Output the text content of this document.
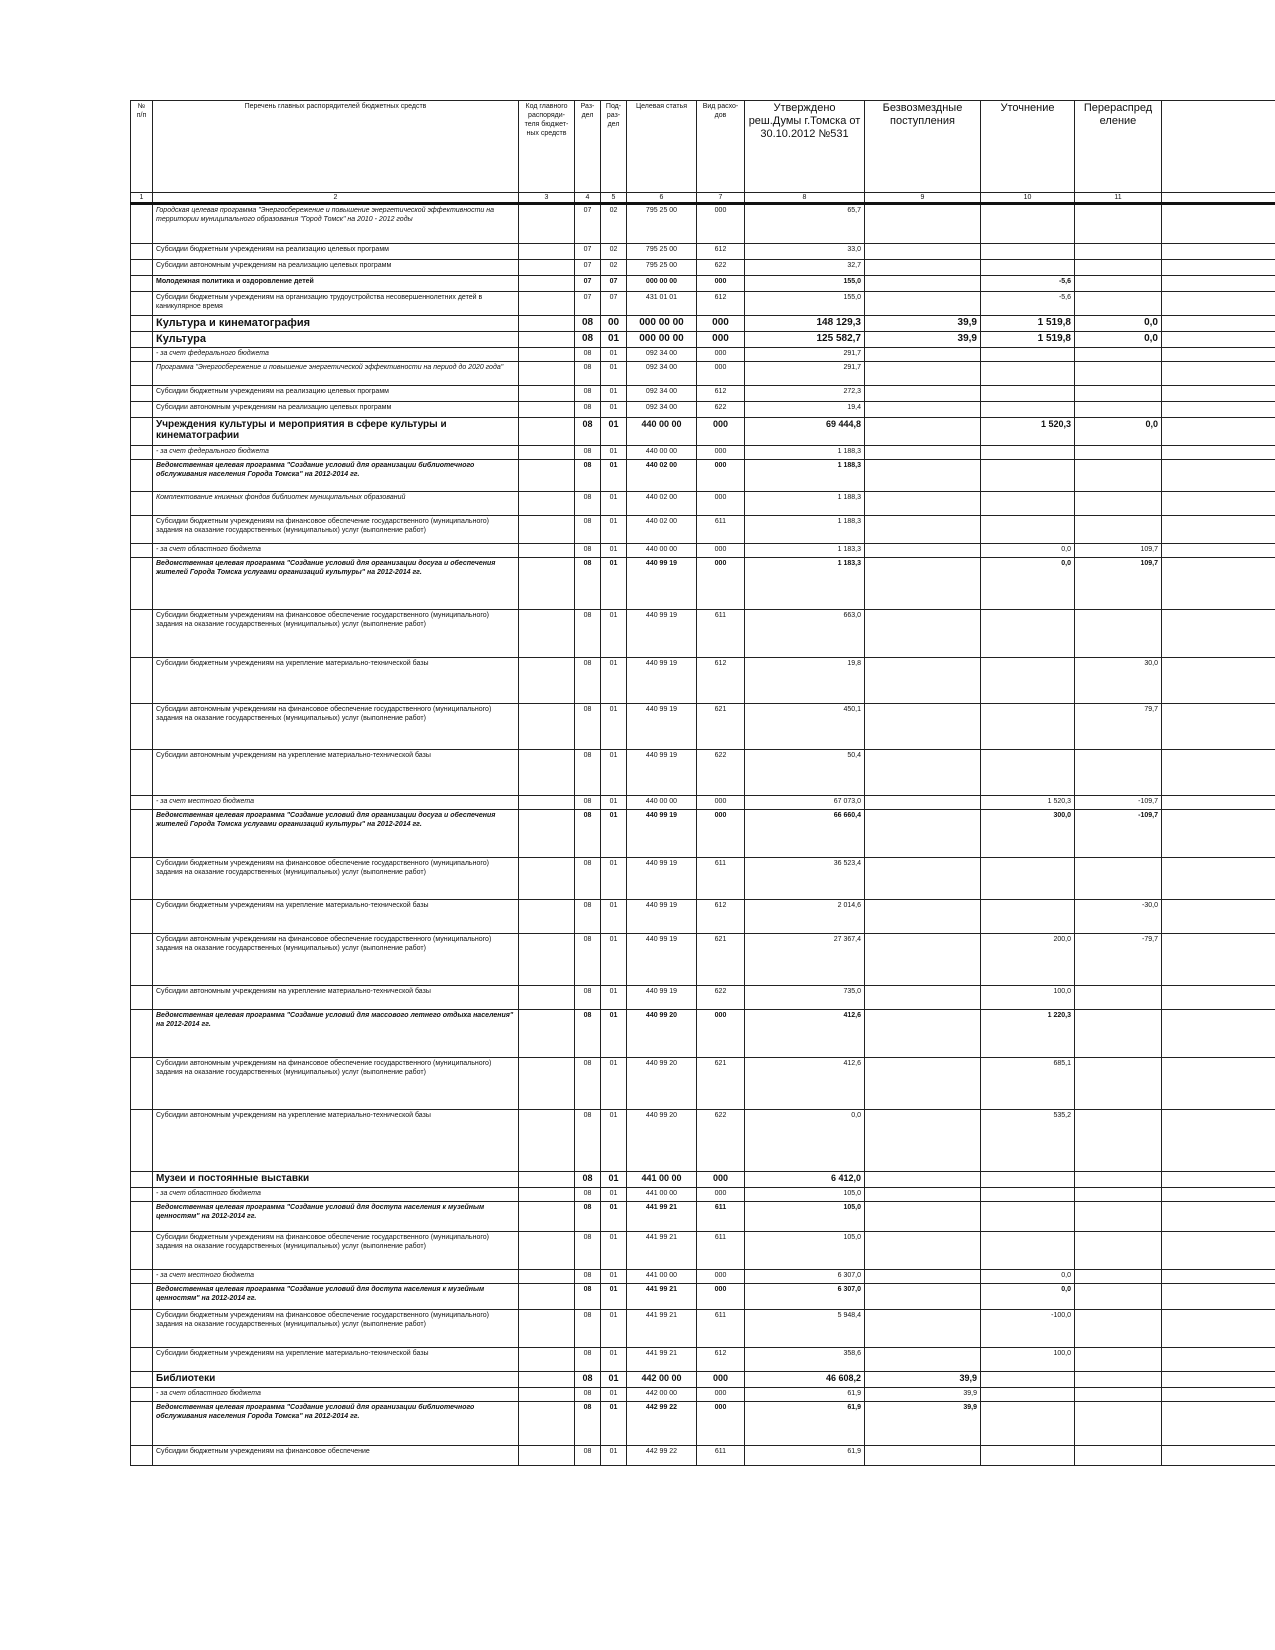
№ п/п	Перечень главных распорядителей бюджетных средств	Код главного распоряди-теля бюджет-ных средств	Раз-дел	Под-раз-дел	Целевая статья	Вид расхо-дов	Утверждено реш.Думы г.Томска от 30.10.2012 №531	Безвозмездные поступления	Уточнение	Перераспред еление	
1	2	3	4	5	6	7	8	9	10	11	
	Городская целевая программа "Энергосбережение и повышение энергетической эффективности на территории муниципального образования "Город Томск" на 2010 - 2012 годы		07	02	795 25 00	000	65,7				
	Субсидии бюджетным учреждениям на реализацию целевых программ		07	02	795 25 00	612	33,0				
	Субсидии автономным учреждениям на реализацию целевых программ		07	02	795 25 00	622	32,7				
	Молодежная политика и оздоровление детей		07	07	000 00 00	000	155,0		-5,6		
	Субсидии бюджетным учреждениям на организацию трудоустройства несовершеннолетних детей в каникулярное время		07	07	431 01 01	612	155,0		-5,6		
	Культура и кинематография		08	00	000 00 00	000	148 129,3	39,9	1 519,8	0,0	
	Культура		08	01	000 00 00	000	125 582,7	39,9	1 519,8	0,0	
	- за счет федерального бюджета		08	01	092 34 00	000	291,7				
	Программа "Энергосбережение и повышение энергетической эффективности на период до 2020 года"		08	01	092 34 00	000	291,7				
	Субсидии бюджетным учреждениям на реализацию целевых программ		08	01	092 34 00	612	272,3				
	Субсидии автономным учреждениям на реализацию целевых программ		08	01	092 34 00	622	19,4				
	Учреждения культуры и мероприятия в сфере культуры и кинематографии		08	01	440 00 00	000	69 444,8		1 520,3	0,0	
	- за счет федерального бюджета		08	01	440 00 00	000	1 188,3				
	Ведомственная целевая программа "Создание условий для организации библиотечного обслуживания населения Города Томска" на 2012-2014 гг.		08	01	440 02 00	000	1 188,3				
	Комплектование книжных фондов библиотек муниципальных образований		08	01	440 02 00	000	1 188,3				
	Субсидии бюджетным учреждениям на финансовое обеспечение государственного (муниципального) задания на оказание государственных (муниципальных) услуг (выполнение работ)		08	01	440 02 00	611	1 188,3				
	- за счет областного бюджета		08	01	440 00 00	000	1 183,3		0,0	109,7	
	Ведомственная целевая программа "Создание условий для организации досуга и обеспечения жителей Города Томска услугами организаций культуры" на 2012-2014 гг.		08	01	440 99 19	000	1 183,3		0,0	109,7	
	Субсидии бюджетным учреждениям на финансовое обеспечение государственного (муниципального) задания на оказание государственных (муниципальных) услуг (выполнение работ)		08	01	440 99 19	611	663,0				
	Субсидии бюджетным учреждениям на укрепление материально-технической базы		08	01	440 99 19	612	19,8			30,0	
	Субсидии автономным учреждениям на финансовое обеспечение государственного (муниципального) задания на оказание государственных (муниципальных) услуг (выполнение работ)		08	01	440 99 19	621	450,1			79,7	
	Субсидии автономным учреждениям на укрепление материально-технической базы		08	01	440 99 19	622	50,4				
	- за счет местного бюджета		08	01	440 00 00	000	67 073,0		1 520,3	-109,7	
	Ведомственная целевая программа "Создание условий для организации досуга и обеспечения жителей Города Томска услугами организаций культуры" на 2012-2014 гг.		08	01	440 99 19	000	66 660,4		300,0	-109,7	
	Субсидии бюджетным учреждениям на финансовое обеспечение государственного (муниципального) задания на оказание государственных (муниципальных) услуг (выполнение работ)		08	01	440 99 19	611	36 523,4				
	Субсидии бюджетным учреждениям на укрепление материально-технической базы		08	01	440 99 19	612	2 014,6			-30,0	
	Субсидии автономным учреждениям на финансовое обеспечение государственного (муниципального) задания на оказание государственных (муниципальных) услуг (выполнение работ)		08	01	440 99 19	621	27 367,4		200,0	-79,7	
	Субсидии автономным учреждениям на укрепление материально-технической базы		08	01	440 99 19	622	735,0		100,0		
	Ведомственная целевая программа "Создание условий для массового летнего отдыха населения" на 2012-2014 гг.		08	01	440 99 20	000	412,6		1 220,3		
	Субсидии автономным учреждениям на финансовое обеспечение государственного (муниципального) задания на оказание государственных (муниципальных) услуг (выполнение работ)		08	01	440 99 20	621	412,6		685,1		
	Субсидии автономным учреждениям на укрепление материально-технической базы		08	01	440 99 20	622	0,0		535,2		
	Музеи и постоянные выставки		08	01	441 00 00	000	6 412,0				
	- за счет областного бюджета		08	01	441 00 00	000	105,0				
	Ведомственная целевая программа "Создание условий для доступа населения к музейным ценностям" на 2012-2014 гг.		08	01	441 99 21	611	105,0				
	Субсидии бюджетным учреждениям на финансовое обеспечение государственного (муниципального) задания на оказание государственных (муниципальных) услуг (выполнение работ)		08	01	441 99 21	611	105,0				
	- за счет местного бюджета		08	01	441 00 00	000	6 307,0		0,0		
	Ведомственная целевая программа "Создание условий для доступа населения к музейным ценностям" на 2012-2014 гг.		08	01	441 99 21	000	6 307,0		0,0		
	Субсидии бюджетным учреждениям на финансовое обеспечение государственного (муниципального) задания на оказание государственных (муниципальных) услуг (выполнение работ)		08	01	441 99 21	611	5 948,4		-100,0		
	Субсидии бюджетным учреждениям на укрепление материально-технической базы		08	01	441 99 21	612	358,6		100,0		
	Библиотеки		08	01	442 00 00	000	46 608,2	39,9			
	- за счет областного бюджета		08	01	442 00 00	000	61,9	39,9			
	Ведомственная целевая программа "Создание условий для организации библиотечного обслуживания населения Города Томска" на 2012-2014 гг.		08	01	442 99 22	000	61,9	39,9			
	Субсидии бюджетным учреждениям на финансовое обеспечение		08	01	442 99 22	611	61,9				
